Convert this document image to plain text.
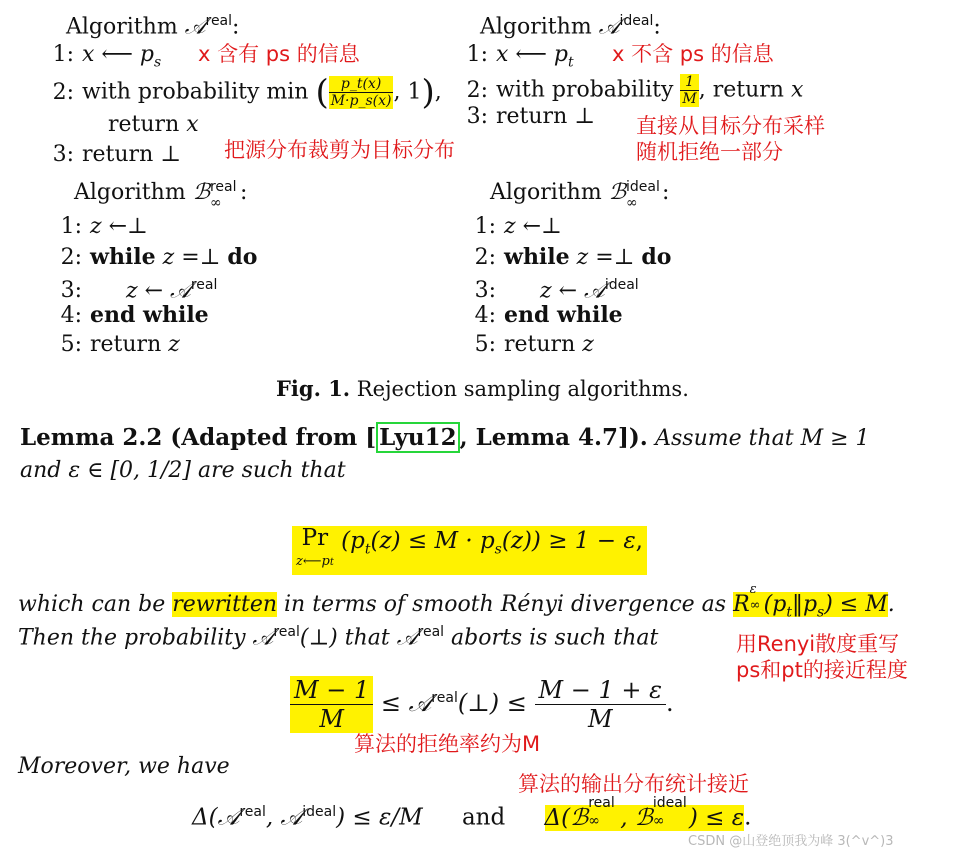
Algorithm 𝒜$^{real}$:
1: x ⟵ $p_s$
2: with probability min ( $\frac{p\_t(x)}{M\cdot p\_s(x)}$ , 1),
return x
3: return ⊥
Algorithm 𝒜$^{ideal}$:
1: x ⟵ $p_t$
2: with probability $\frac{1}{M}$ , return x
3: return ⊥
x 含有 ps 的信息
把源分布裁剪为目标分布
x 不含 ps 的信息
直接从目标分布采样
随机拒绝一部分
Algorithm ℬ real
∞ :
1: z ←⊥
2: while z =⊥ do
3: z ← 𝒜$^{real}$
4: end while
5: return z
Algorithm ℬ ideal
∞ :
1: z ←⊥
2: while z =⊥ do
3: z ← 𝒜$^{ideal}$
4: end while
5: return z
Fig. 1. Rejection sampling algorithms.
Lemma 2.2 (Adapted from [ Lyu12 , Lemma 4.7]). Assume that M ≥ 1
and ε ∈ [0, 1/2] are such that
Pr
z⟵pt $(p_t(z) \le M \cdot p_s(z)) \ge 1 - \varepsilon$,
which can be rewritten in terms of smooth Rényi divergence as R
ε
∞ $(p_t‖p_s) \le M$.
Then the probability 𝒜$^{real}$(⊥) that 𝒜$^{real}$ aborts is such that	用Renyi散度重写
ps和pt的接近程度
$\frac{M - 1}{M}$ ≤ 𝒜$^{real}$(⊥) ≤ $\frac{M - 1 + \varepsilon}{M}$ .
算法的拒绝率约为M
Moreover, we have
算法的输出分布统计接近
Δ(𝒜$^{real}$, 𝒜$^{ideal}$) ≤ ε/M and Δ(ℬ
real
∞ , ℬ
ideal
∞ ) ≤ ε.
CSDN @山登绝顶我为峰 3(^v^)3
